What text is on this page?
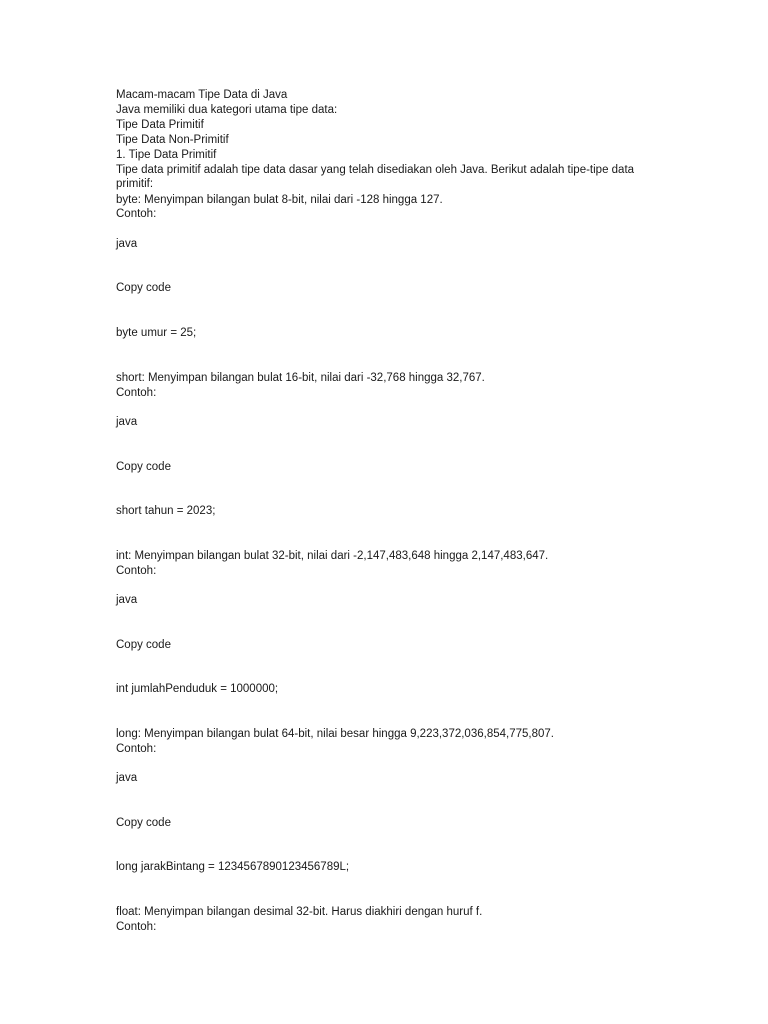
Macam-macam Tipe Data di Java
Java memiliki dua kategori utama tipe data:
Tipe Data Primitif
Tipe Data Non-Primitif
1. Tipe Data Primitif
Tipe data primitif adalah tipe data dasar yang telah disediakan oleh Java. Berikut adalah tipe-tipe data
primitif:
byte: Menyimpan bilangan bulat 8-bit, nilai dari -128 hingga 127.
Contoh:
java
Copy code
byte umur = 25;
short: Menyimpan bilangan bulat 16-bit, nilai dari -32,768 hingga 32,767.
Contoh:
java
Copy code
short tahun = 2023;
int: Menyimpan bilangan bulat 32-bit, nilai dari -2,147,483,648 hingga 2,147,483,647.
Contoh:
java
Copy code
int jumlahPenduduk = 1000000;
long: Menyimpan bilangan bulat 64-bit, nilai besar hingga 9,223,372,036,854,775,807.
Contoh:
java
Copy code
long jarakBintang = 1234567890123456789L;
float: Menyimpan bilangan desimal 32-bit. Harus diakhiri dengan huruf f.
Contoh:
